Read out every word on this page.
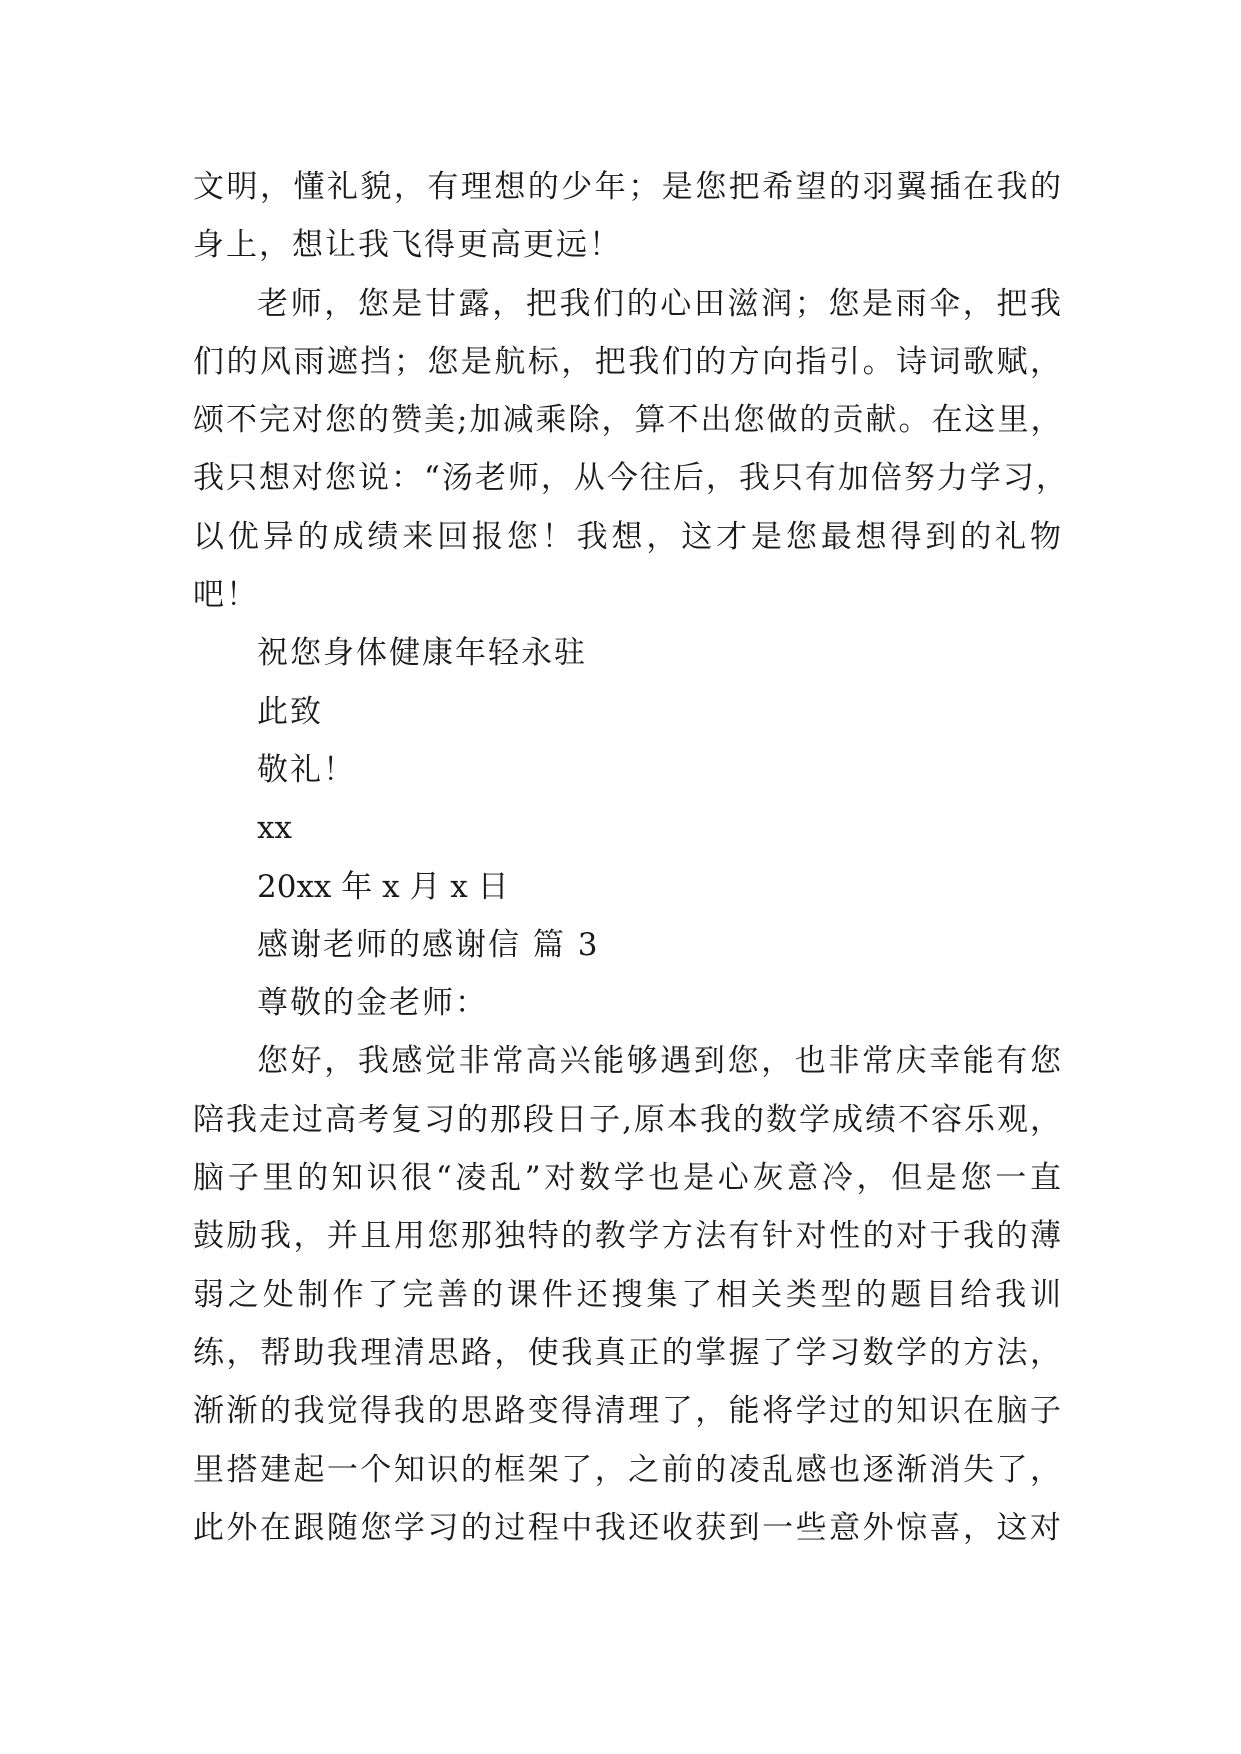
文明，懂礼貌，有理想的少年；是您把希望的羽翼插在我的
身上，想让我飞得更高更远！
老师，您是甘露，把我们的心田滋润；您是雨伞，把我
们的风雨遮挡；您是航标，把我们的方向指引。诗词歌赋，
颂不完对您的赞美;加减乘除，算不出您做的贡献。在这里，
我只想对您说：“汤老师，从今往后，我只有加倍努力学习，
以优异的成绩来回报您！我想，这才是您最想得到的礼物
吧！
祝您身体健康年轻永驻
此致
敬礼！
xx
20xx 年 x 月 x 日
感谢老师的感谢信 篇 3
尊敬的金老师：
您好，我感觉非常高兴能够遇到您，也非常庆幸能有您
陪我走过高考复习的那段日子,原本我的数学成绩不容乐观，
脑子里的知识很“凌乱”对数学也是心灰意冷，但是您一直
鼓励我，并且用您那独特的教学方法有针对性的对于我的薄
弱之处制作了完善的课件还搜集了相关类型的题目给我训
练，帮助我理清思路，使我真正的掌握了学习数学的方法，
渐渐的我觉得我的思路变得清理了，能将学过的知识在脑子
里搭建起一个知识的框架了，之前的凌乱感也逐渐消失了，
此外在跟随您学习的过程中我还收获到一些意外惊喜，这对
